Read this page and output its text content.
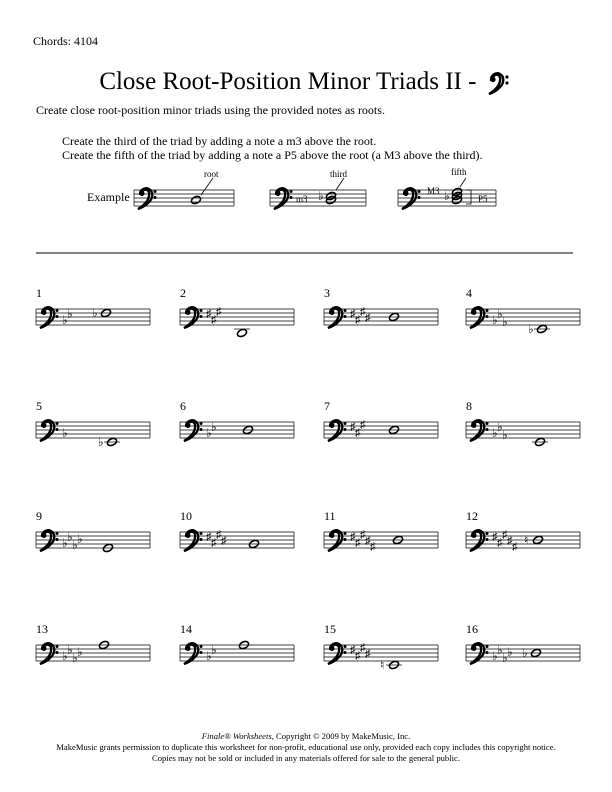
Chords: 4104
Close Root-Position Minor Triads II -
Create close root-position minor triads using the provided notes as roots.
Create the third of the triad by adding a note a m3 above the root.
Create the fifth of the triad by adding a note a P5 above the root (a M3 above the third).
Example
root
m3 ♭
third
M3 ♭	P5
fifth
1
♭ ♭ ♭
2
♯ ♯
♯
3
♯ ♯
♯ ♯
4
♭ ♭
♭ ♭
5
♭
♭
6
♭ ♭
7
♯ ♯
♯
8
♭ ♭
♭
9
♭ ♭
♭ ♭
10
♯ ♯
♯ ♯
11
♯ ♯
♯ ♯ ♯
12
♯ ♯
♯ ♯ ♯ ♮
13
♭ ♭
♭ ♭
14
♭ ♭
15
♯ ♯
♯ ♯
♮
16
♭ ♭
♭ ♭ ♭
Finale® Worksheets, Copyright © 2009 by MakeMusic, Inc.
MakeMusic grants permission to duplicate this worksheet for non-profit, educational use only, provided each copy includes this copyright notice.
Copies may not be sold or included in any materials offered for sale to the general public.
